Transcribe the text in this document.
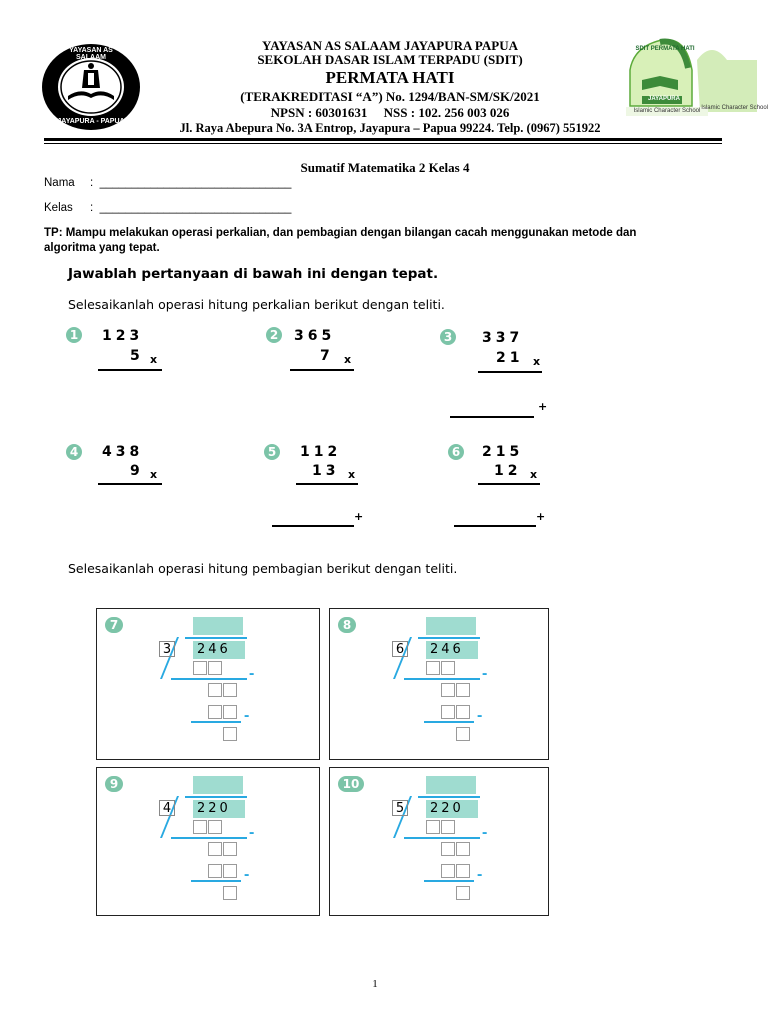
YAYASAN AS SALAAM
JAYAPURA - PAPUA
YAYASAN AS SALAAM JAYAPURA PAPUA
SEKOLAH DASAR ISLAM TERPADU (SDIT)
PERMATA HATI
(TERAKREDITASI “A”) No. 1294/BAN-SM/SK/2021
NPSN : 60301631     NSS : 102. 256 003 026
Jl. Raya Abepura No. 3A Entrop, Jayapura – Papua 99224. Telp. (0967) 551922
SDIT PERMATA HATI
JAYAPURA
Islamic Character School Islamic Character School
Sumatif Matematika 2 Kelas 4
Nama :  ______________________________
Kelas :  ______________________________
TP: Mampu melakukan operasi perkalian, dan pembagian dengan bilangan cacah menggunakan metode dan algoritma yang tepat.
Jawablah pertanyaan di bawah ini dengan tepat.
Selesaikanlah operasi hitung perkalian berikut dengan teliti.
1 123
5 x
2 365
7 x
3 337
21 x
+
4 438
9 x
5 112
13 x
+
6 215
12 x
+
Selesaikanlah operasi hitung pembagian berikut dengan teliti.
7
3 246
-
-
8
6 246
-
-
9
4 220
-
-
10
5 220
-
-
1
